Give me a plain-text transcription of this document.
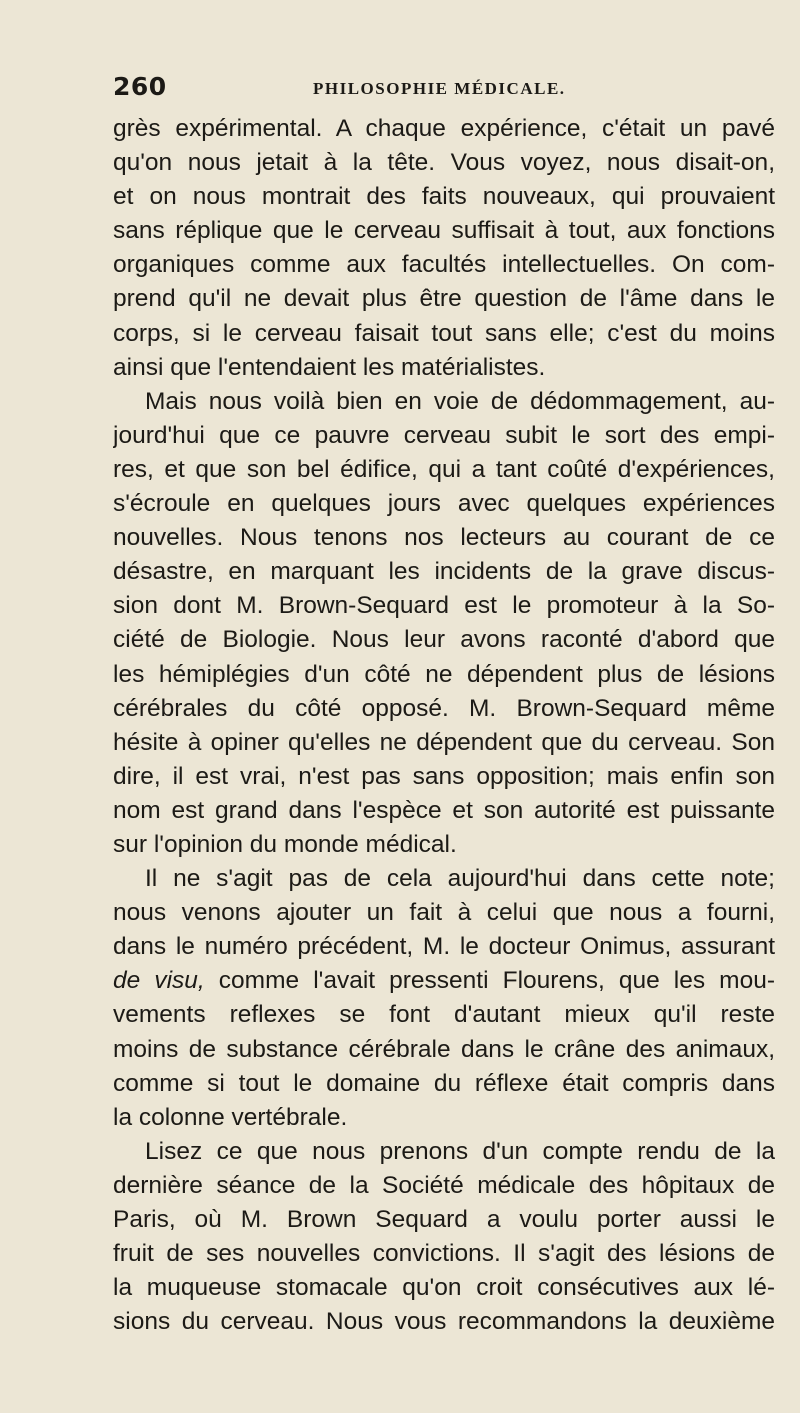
260	PHILOSOPHIE MÉDICALE.
grès expérimental. A chaque expérience, c'était un pavé
qu'on nous jetait à la tête. Vous voyez, nous disait-on,
et on nous montrait des faits nouveaux, qui prouvaient
sans réplique que le cerveau suffisait à tout, aux fonctions
organiques comme aux facultés intellectuelles. On com-
prend qu'il ne devait plus être question de l'âme dans le
corps, si le cerveau faisait tout sans elle; c'est du moins
ainsi que l'entendaient les matérialistes.
Mais nous voilà bien en voie de dédommagement, au-
jourd'hui que ce pauvre cerveau subit le sort des empi-
res, et que son bel édifice, qui a tant coûté d'expériences,
s'écroule en quelques jours avec quelques expériences
nouvelles. Nous tenons nos lecteurs au courant de ce
désastre, en marquant les incidents de la grave discus-
sion dont M. Brown-Sequard est le promoteur à la So-
ciété de Biologie. Nous leur avons raconté d'abord que
les hémiplégies d'un côté ne dépendent plus de lésions
cérébrales du côté opposé. M. Brown-Sequard même
hésite à opiner qu'elles ne dépendent que du cerveau. Son
dire, il est vrai, n'est pas sans opposition; mais enfin son
nom est grand dans l'espèce et son autorité est puissante
sur l'opinion du monde médical.
Il ne s'agit pas de cela aujourd'hui dans cette note;
nous venons ajouter un fait à celui que nous a fourni,
dans le numéro précédent, M. le docteur Onimus, assurant
de visu, comme l'avait pressenti Flourens, que les mou-
vements reflexes se font d'autant mieux qu'il reste
moins de substance cérébrale dans le crâne des animaux,
comme si tout le domaine du réflexe était compris dans
la colonne vertébrale.
Lisez ce que nous prenons d'un compte rendu de la
dernière séance de la Société médicale des hôpitaux de
Paris, où M. Brown Sequard a voulu porter aussi le
fruit de ses nouvelles convictions. Il s'agit des lésions de
la muqueuse stomacale qu'on croit consécutives aux lé-
sions du cerveau. Nous vous recommandons la deuxième
